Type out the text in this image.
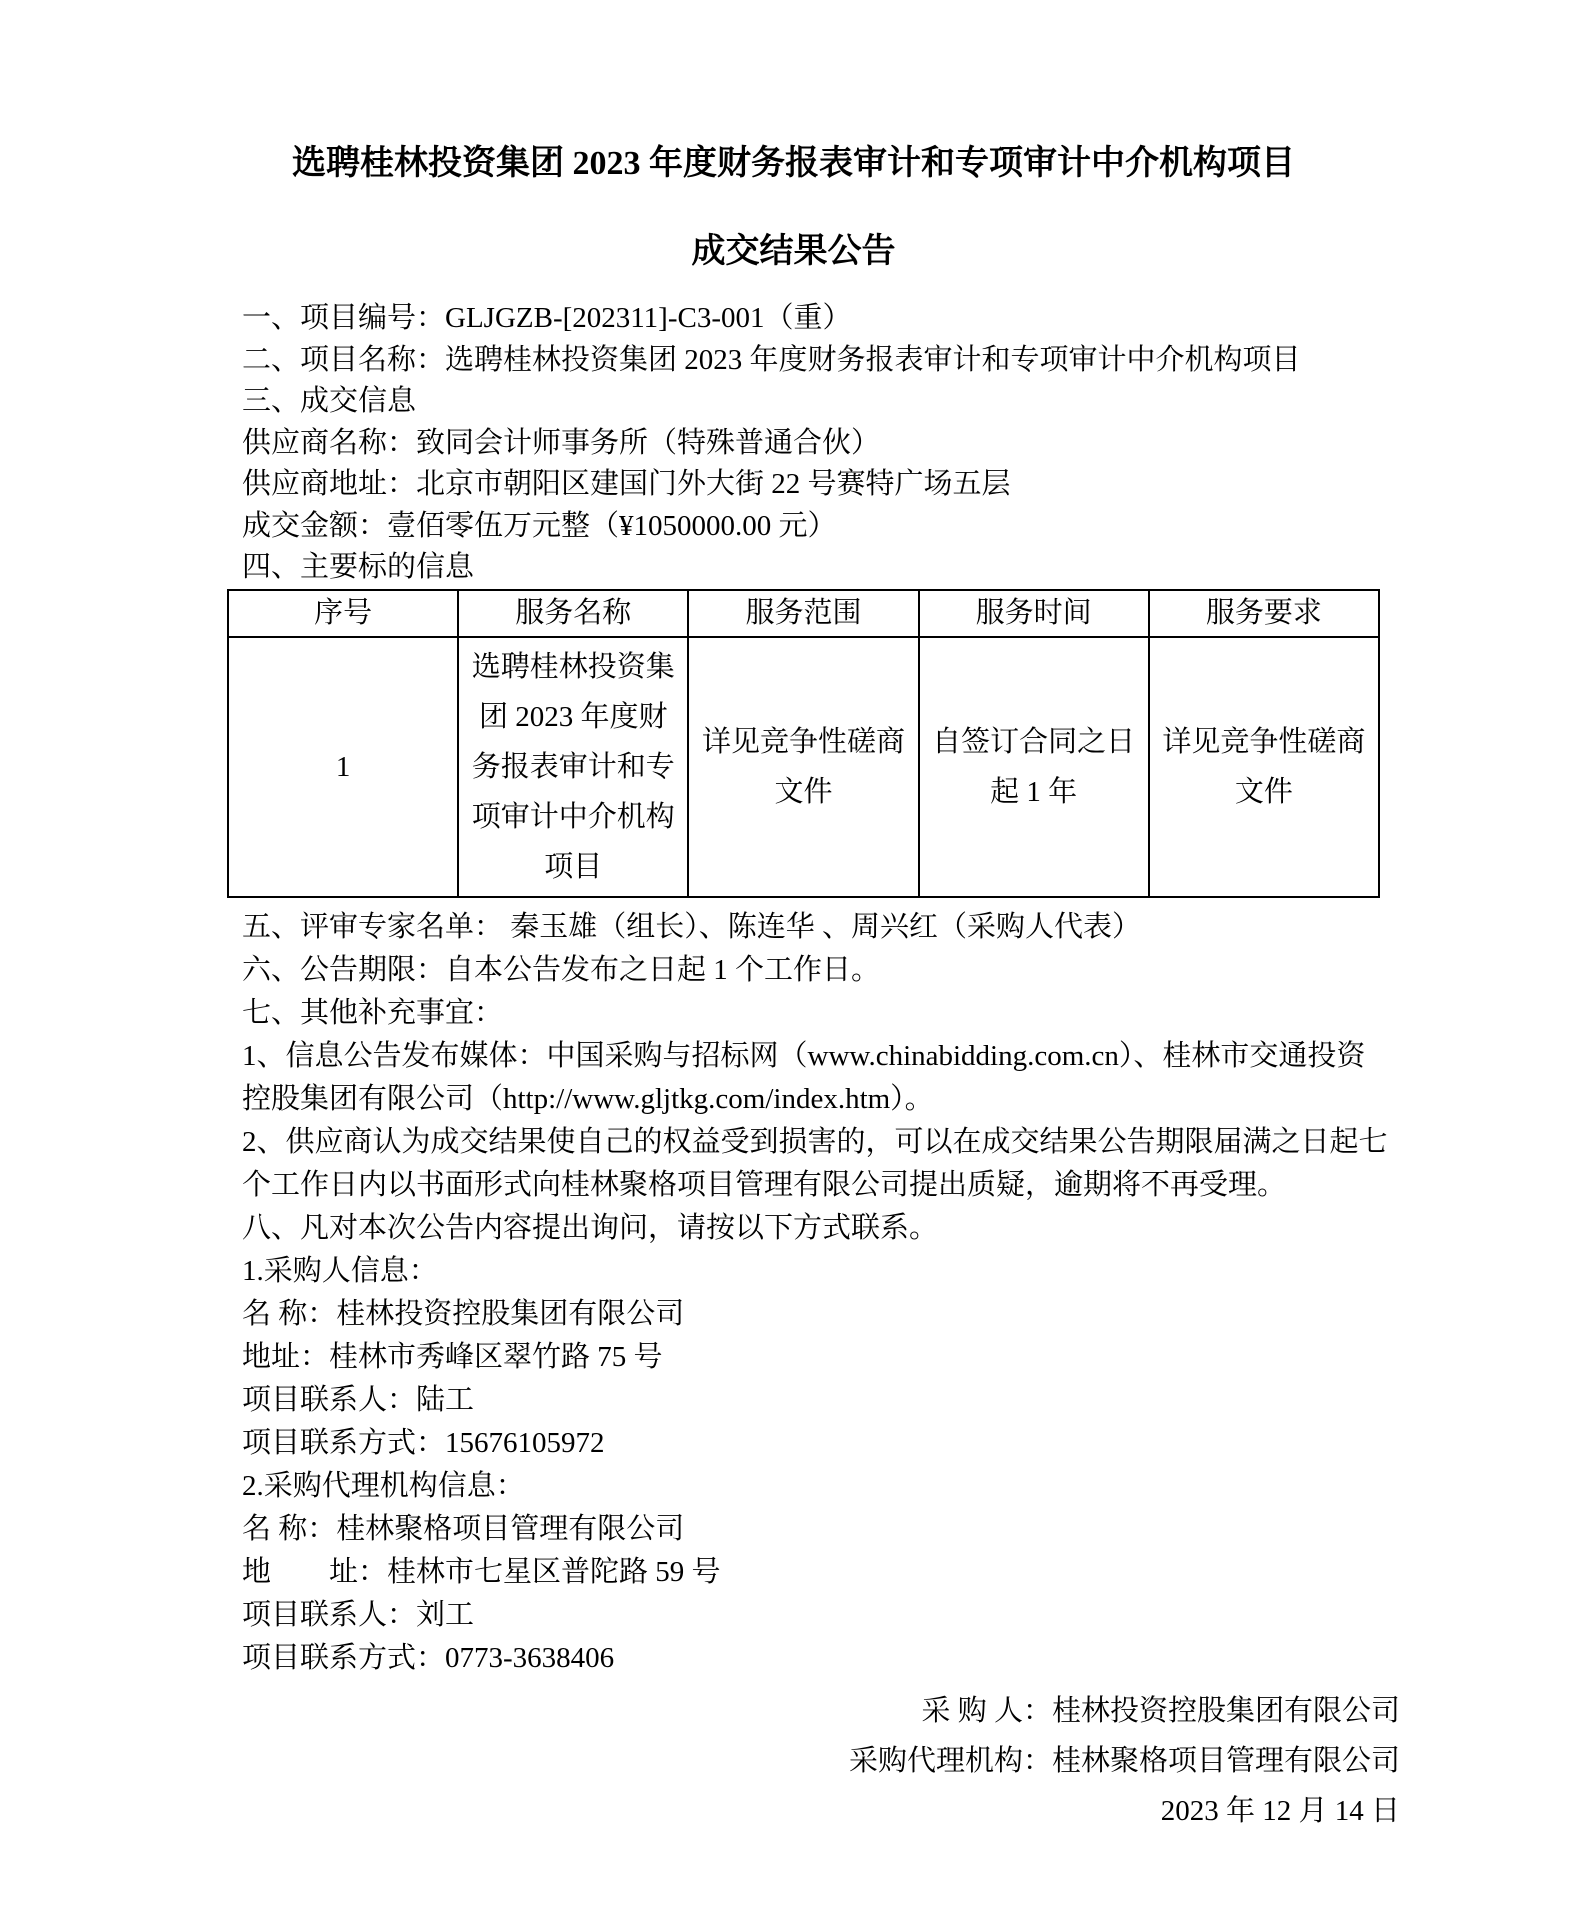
选聘桂林投资集团 2023 年度财务报表审计和专项审计中介机构项目
成交结果公告

一、项目编号：GLJGZB-[202311]-C3-001（重）

二、项目名称：选聘桂林投资集团 2023 年度财务报表审计和专项审计中介机构项目

三、成交信息

供应商名称：致同会计师事务所（特殊普通合伙）

供应商地址：北京市朝阳区建国门外大街 22 号赛特广场五层

成交金额：壹佰零伍万元整（¥1050000.00 元）

四、主要标的信息

序号	服务名称	服务范围	服务时间	服务要求
1	选聘桂林投资集团 2023 年度财务报表审计和专项审计中介机构项目	详见竞争性磋商文件	自签订合同之日起 1 年	详见竞争性磋商文件

五、评审专家名单： 秦玉雄（组长）、陈连华 、周兴红（采购人代表）

六、公告期限：自本公告发布之日起 1 个工作日。

七、其他补充事宜：

1、信息公告发布媒体：中国采购与招标网（www.chinabidding.com.cn）、桂林市交通投资

控股集团有限公司（http://www.gljtkg.com/index.htm）。

2、供应商认为成交结果使自己的权益受到损害的，可以在成交结果公告期限届满之日起七

个工作日内以书面形式向桂林聚格项目管理有限公司提出质疑，逾期将不再受理。

八、凡对本次公告内容提出询问，请按以下方式联系。

1.采购人信息：

名 称：桂林投资控股集团有限公司

地址：桂林市秀峰区翠竹路 75 号

项目联系人：陆工

项目联系方式：15676105972

2.采购代理机构信息：

名 称：桂林聚格项目管理有限公司

地　　址：桂林市七星区普陀路 59 号

项目联系人：刘工

项目联系方式：0773-3638406

采 购 人：桂林投资控股集团有限公司

采购代理机构：桂林聚格项目管理有限公司

2023 年 12 月 14 日
